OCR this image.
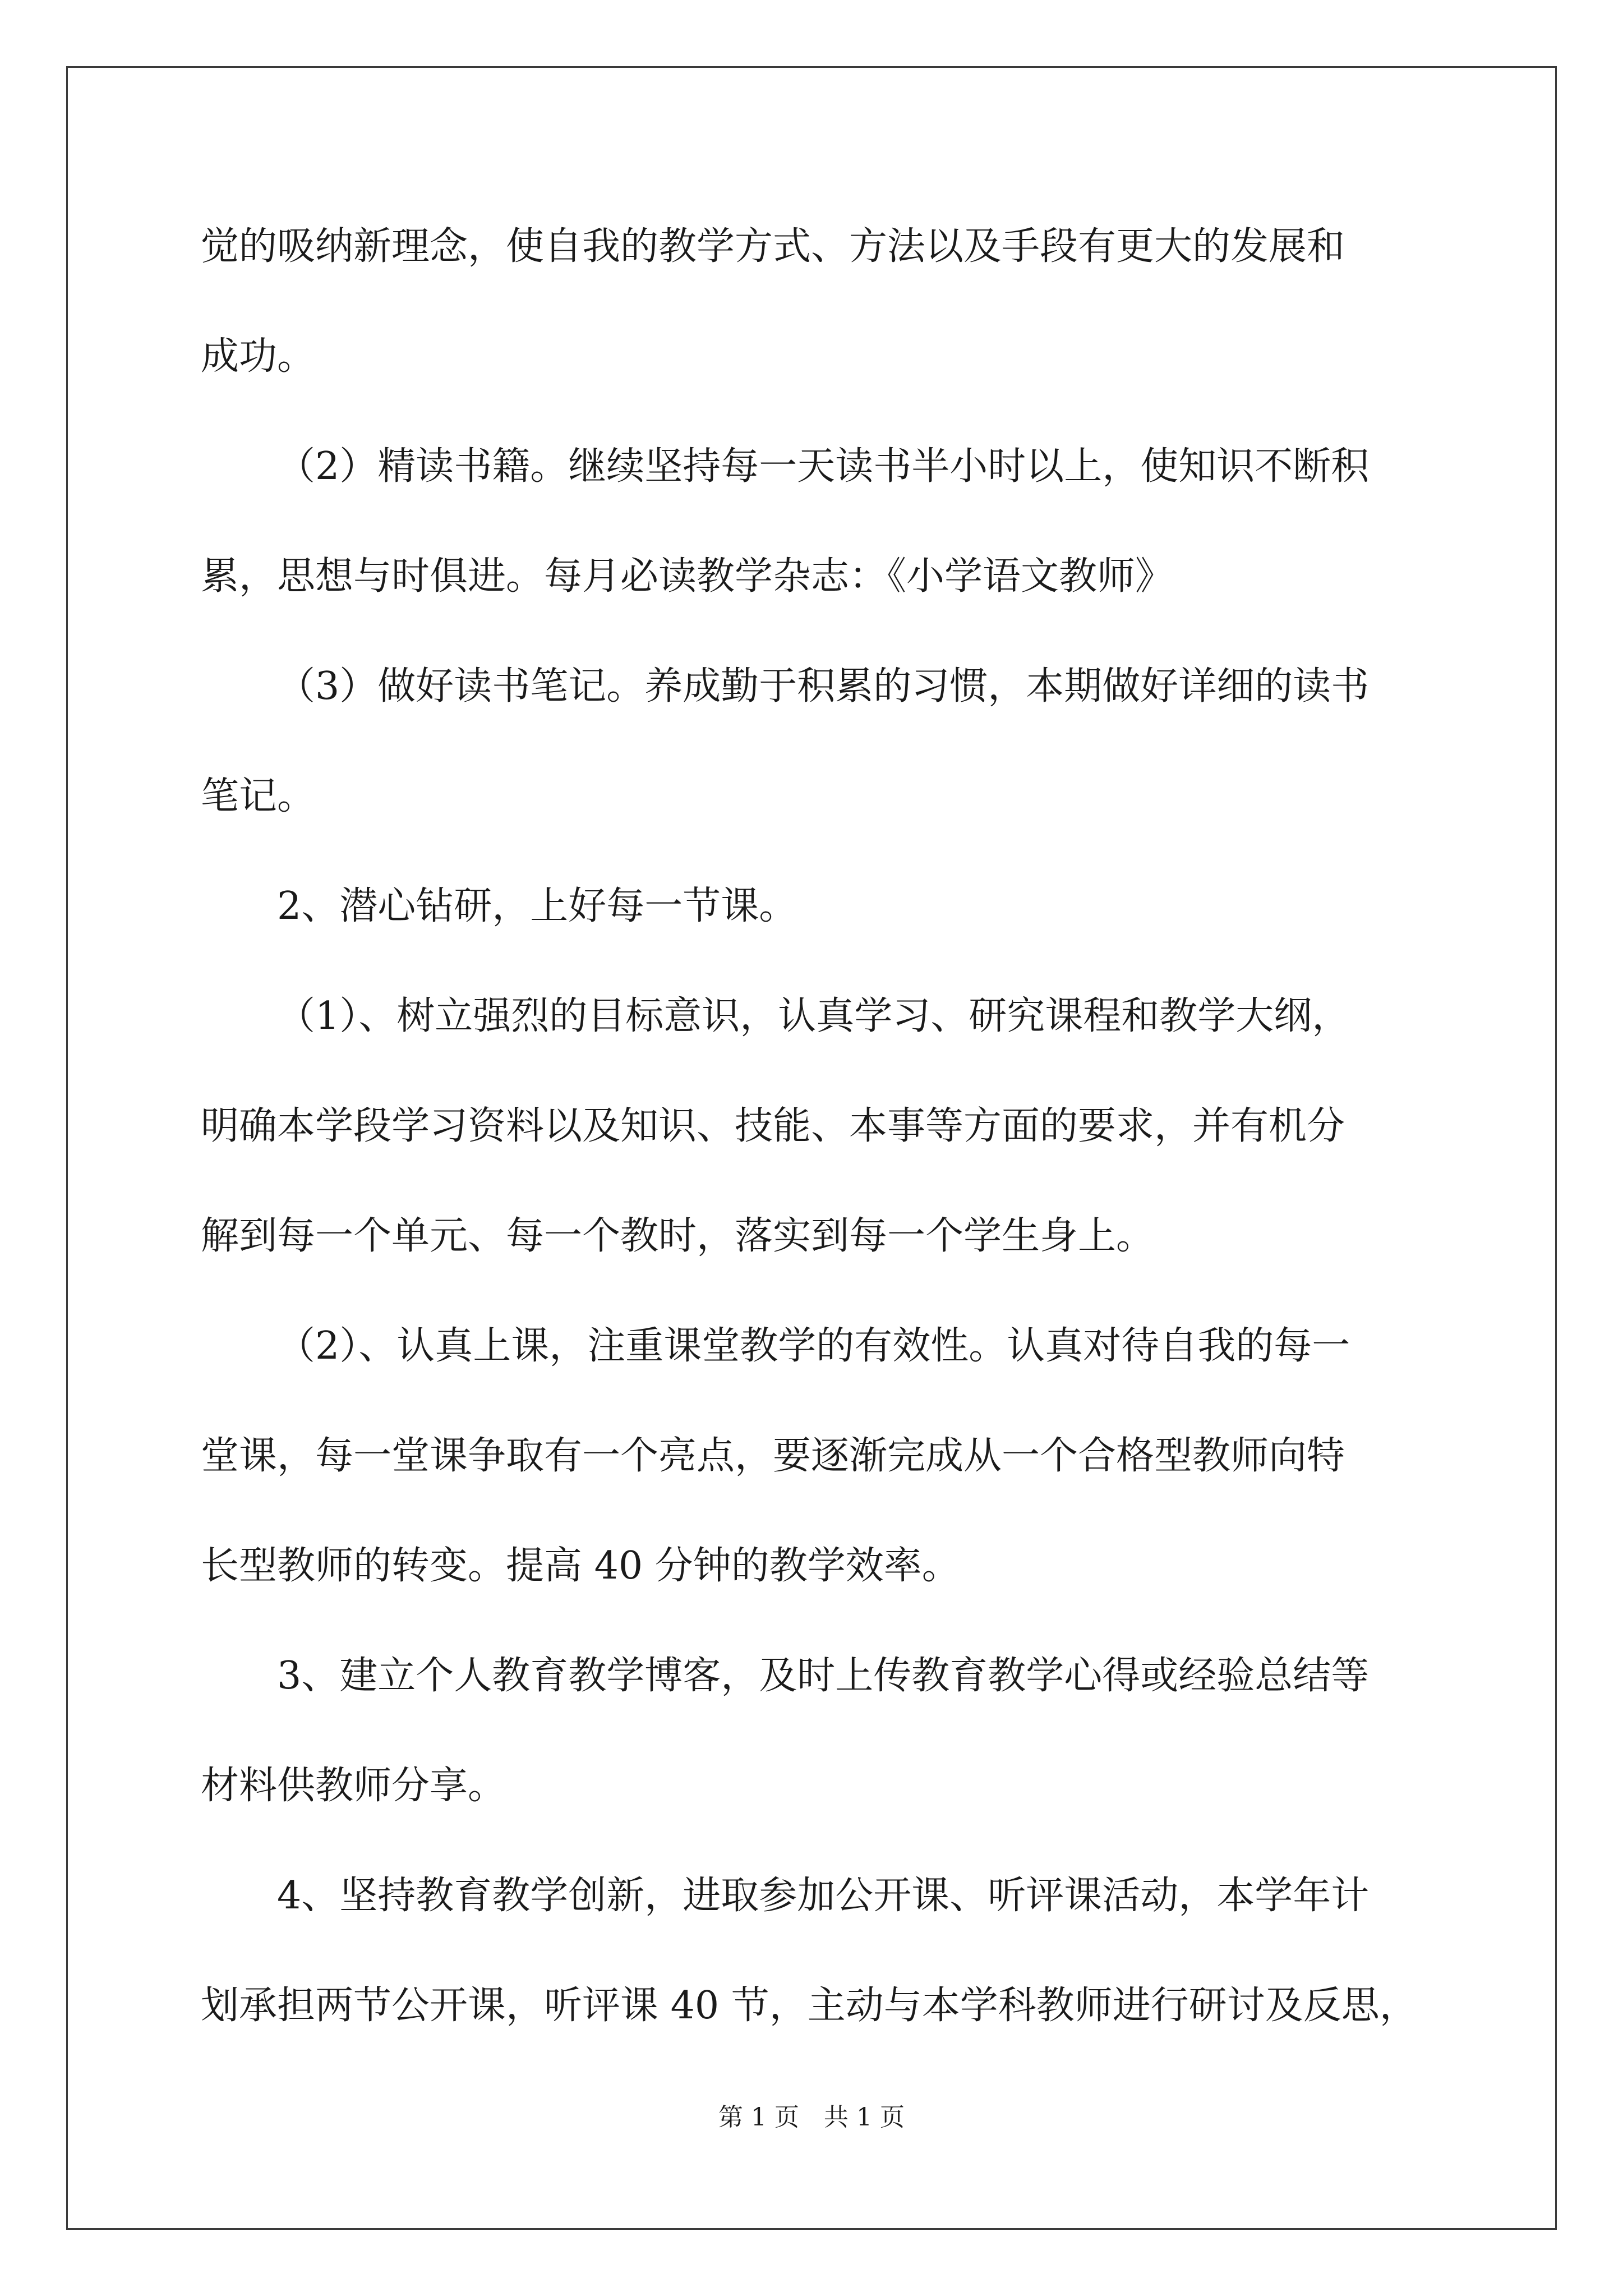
觉的吸纳新理念，使自我的教学方式、方法以及手段有更大的发展和
成功。
（2）精读书籍。继续坚持每一天读书半小时以上，使知识不断积
累，思想与时俱进。每月必读教学杂志：《小学语文教师》
（3）做好读书笔记。养成勤于积累的习惯，本期做好详细的读书
笔记。
2、潜心钻研，上好每一节课。
（1）、树立强烈的目标意识，认真学习、研究课程和教学大纲，
明确本学段学习资料以及知识、技能、本事等方面的要求，并有机分
解到每一个单元、每一个教时，落实到每一个学生身上。
（2）、认真上课，注重课堂教学的有效性。认真对待自我的每一
堂课，每一堂课争取有一个亮点，要逐渐完成从一个合格型教师向特
长型教师的转变。提高 40 分钟的教学效率。
3、建立个人教育教学博客，及时上传教育教学心得或经验总结等
材料供教师分享。
4、坚持教育教学创新，进取参加公开课、听评课活动，本学年计
划承担两节公开课，听评课 40 节，主动与本学科教师进行研讨及反思，
第 1 页　共 1 页
